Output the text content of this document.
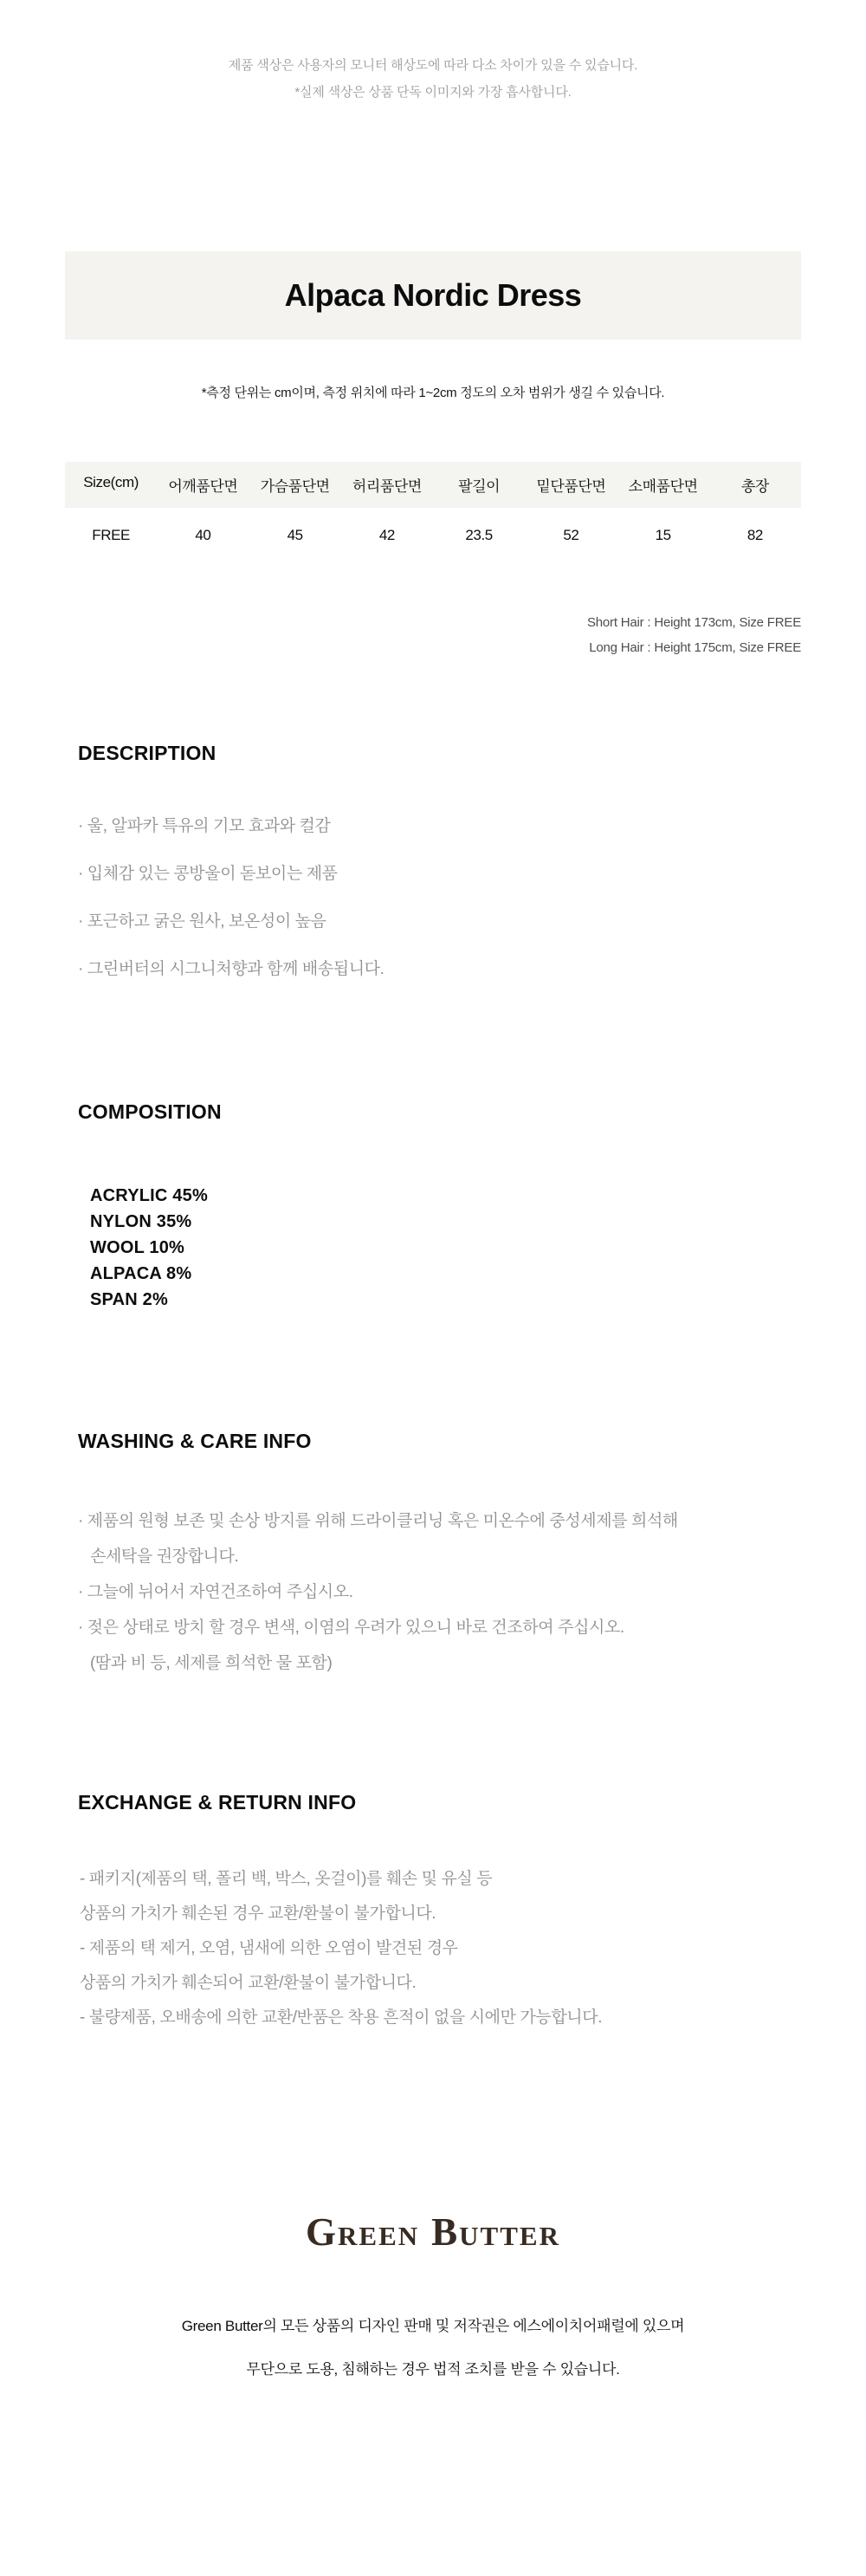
제품 색상은 사용자의 모니터 해상도에 따라 다소 차이가 있을 수 있습니다.
*실제 색상은 상품 단독 이미지와 가장 흡사합니다.
Alpaca Nordic Dress
*측정 단위는 cm이며, 측정 위치에 따라 1~2cm 정도의 오차 범위가 생길 수 있습니다.
Size(cm)	어깨품단면	가슴품단면	허리품단면	팔길이	밑단품단면	소매품단면	총장
FREE	40	45	42	23.5	52	15	82
Short Hair : Height 173cm, Size FREE
Long Hair : Height 175cm, Size FREE
DESCRIPTION
· 울, 알파카 특유의 기모 효과와 컬감
· 입체감 있는 콩방울이 돋보이는 제품
· 포근하고 굵은 원사, 보온성이 높음
· 그린버터의 시그니처향과 함께 배송됩니다.
COMPOSITION
ACRYLIC 45%
NYLON 35%
WOOL 10%
ALPACA 8%
SPAN 2%
WASHING & CARE INFO
· 제품의 원형 보존 및 손상 방지를 위해 드라이클리닝 혹은 미온수에 중성세제를 희석해
손세탁을 권장합니다.
· 그늘에 뉘어서 자연건조하여 주십시오.
· 젖은 상태로 방치 할 경우 변색, 이염의 우려가 있으니 바로 건조하여 주십시오.
(땀과 비 등, 세제를 희석한 물 포함)
EXCHANGE & RETURN INFO
- 패키지(제품의 택, 폴리 백, 박스, 옷걸이)를 훼손 및 유실 등
상품의 가치가 훼손된 경우 교환/환불이 불가합니다.
- 제품의 택 제거, 오염, 냄새에 의한 오염이 발견된 경우
상품의 가치가 훼손되어 교환/환불이 불가합니다.
- 불량제품, 오배송에 의한 교환/반품은 착용 흔적이 없을 시에만 가능합니다.
GREEN BUTTER
Green Butter의 모든 상품의 디자인 판매 및 저작권은 에스에이치어패럴에 있으며
무단으로 도용, 침해하는 경우 법적 조치를 받을 수 있습니다.
